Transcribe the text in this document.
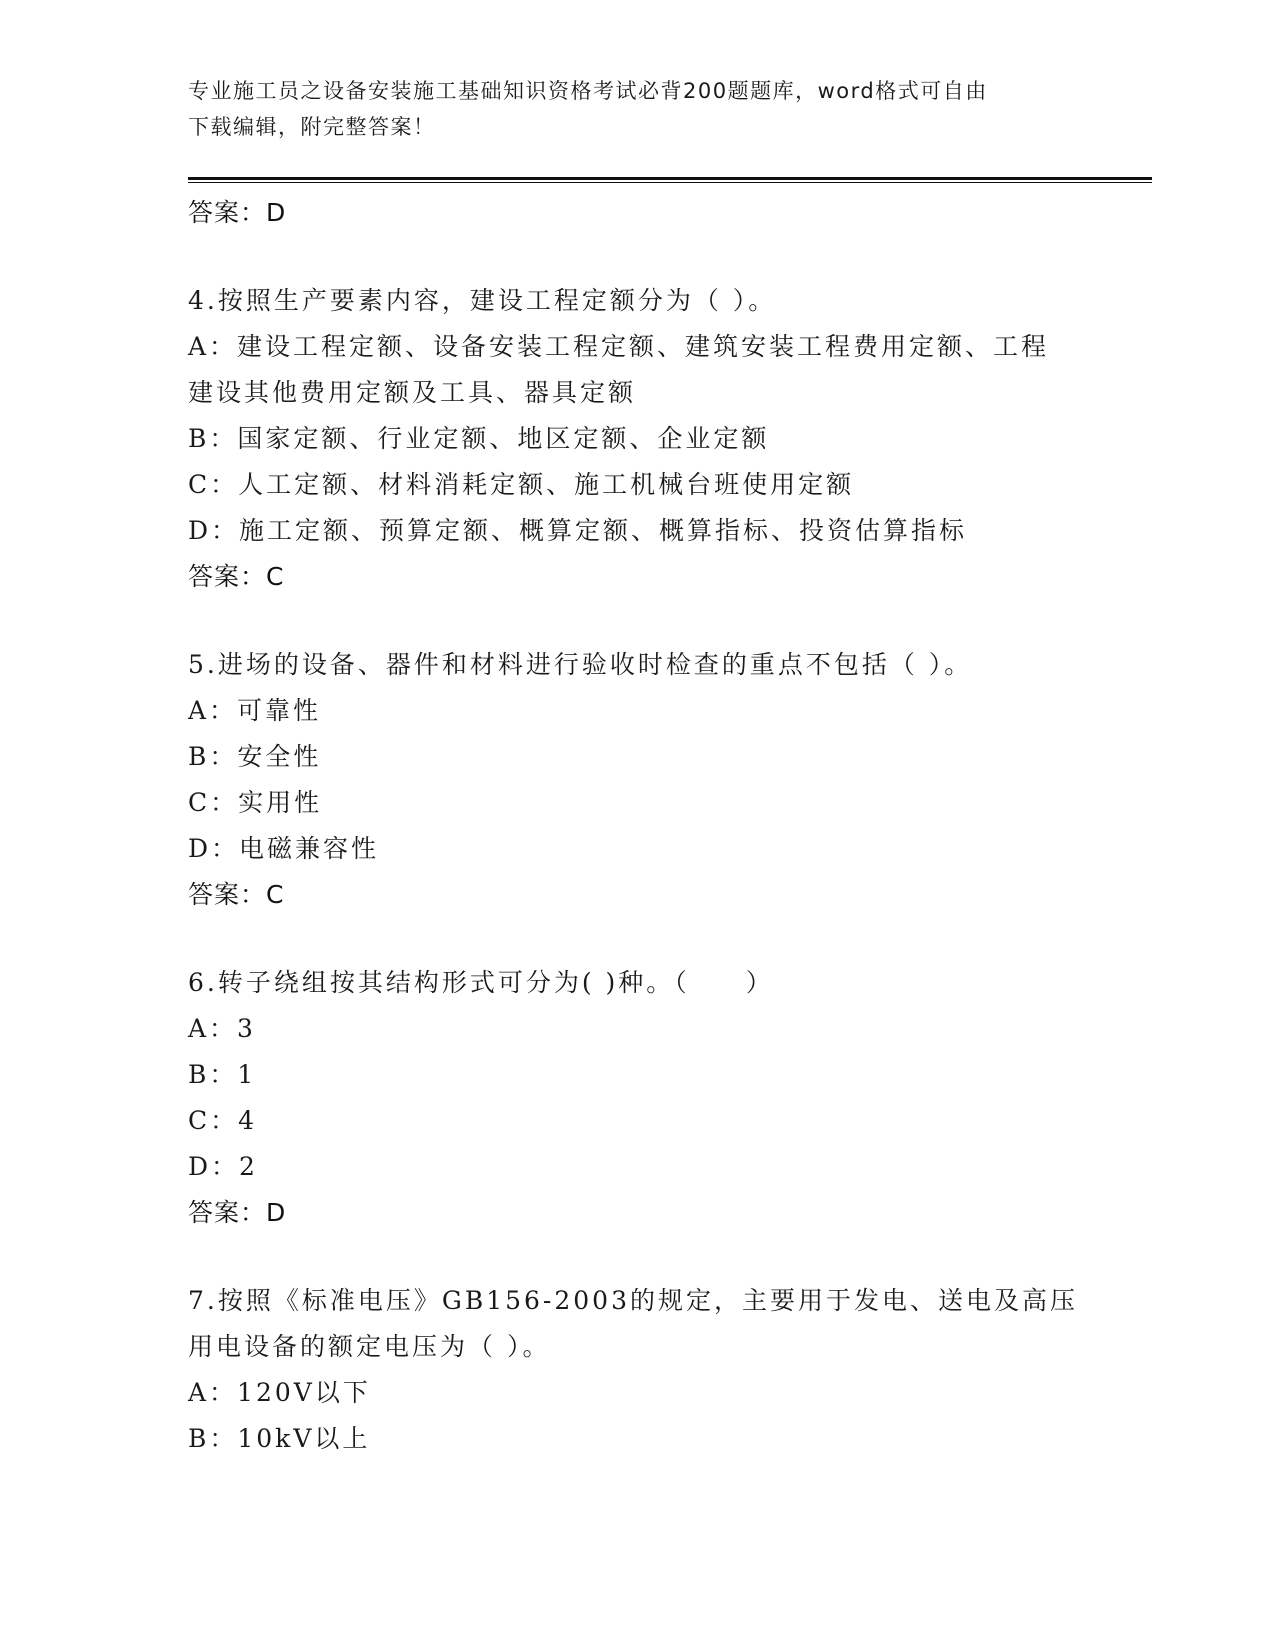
专业施工员之设备安装施工基础知识资格考试必背200题题库，word格式可自由
下载编辑，附完整答案！
答案：D
4.按照生产要素内容，建设工程定额分为（ ）。
A：建设工程定额、设备安装工程定额、建筑安装工程费用定额、工程
建设其他费用定额及工具、器具定额
B：国家定额、行业定额、地区定额、企业定额
C：人工定额、材料消耗定额、施工机械台班使用定额
D：施工定额、预算定额、概算定额、概算指标、投资估算指标
答案：C
5.进场的设备、器件和材料进行验收时检查的重点不包括（ ）。
A：可靠性
B：安全性
C：实用性
D：电磁兼容性
答案：C
6.转子绕组按其结构形式可分为( )种。（　　）
A：3
B：1
C：4
D：2
答案：D
7.按照《标准电压》GB156-2003的规定，主要用于发电、送电及高压
用电设备的额定电压为（ ）。
A：120V以下
B：10kV以上
